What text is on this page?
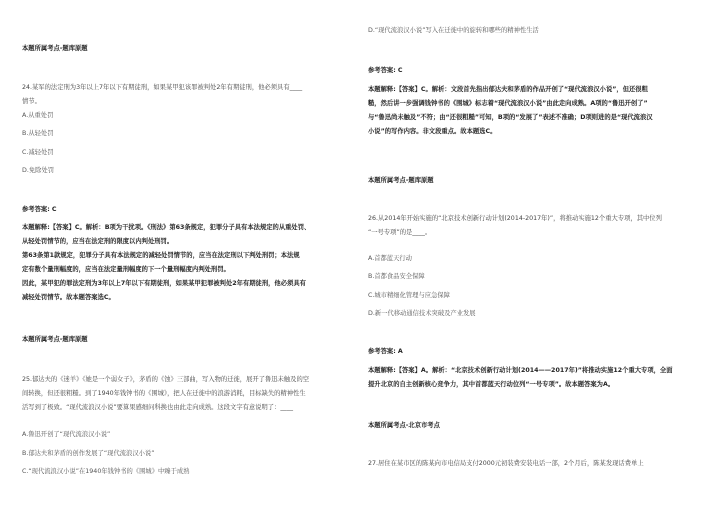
本题所属考点-题库原题
24.某军的法定刑为3年以上7年以下有期徒刑，如果某甲犯该罪被判处2年有期徒刑，他必须具有____
情节。
A.从重处罚
B.从轻处罚
C.减轻处罚
D.免除处罚
参考答案: C
本题解释:【答案】C。解析：B项为干扰项。《刑法》第63条规定，犯罪分子具有本法规定的从重处罚、
从轻处罚情节的，应当在法定刑的限度以内判处刑罚。
第63条第1款规定，犯罪分子具有本法规定的减轻处罚情节的，应当在法定刑以下判处刑罚；本法规
定有数个量刑幅度的，应当在法定量刑幅度的下一个量刑幅度内判处刑罚。
因此，某甲犯的罪法定刑为3年以上7年以下有期徒刑，如果某甲犯罪被判处2年有期徒刑，他必须具有
减轻处罚情节。故本题答案选C。
本题所属考点-题库原题
25.郁达夫的《迷羊》《她是一个弱女子》，茅盾的《蚀》三部曲，写入物的迁徙，展开了鲁迅未触及的空
间转换，但还很粗糙。到了1940年钱钟书的《围城》，把人在迁徙中的浪游消耗，目标缺失的精神性生
活写到了极致。“现代流浪汉小说”要算果感细问科换也由此走向成熟。这段文字有意说明了：____
A.鲁迅开创了“现代流浪汉小说”
B.郁达夫和茅盾的创作发展了“现代流浪汉小说”
C.“现代流浪汉小说”在1940年钱钟书的《围城》中臻于成熟
D.“现代流浪汉小说”写入在迁徙中的旋转和哪些的精神性生活
参考答案: C
本题解释:【答案】C。解析：文段首先指出郁达夫和茅盾的作品开创了“现代流浪汉小说”，但还很粗
糙，然后讲一步强调钱钟书的《围城》标志着“现代流浪汉小说”由此走向成熟。A项的“鲁迅开创了”
与“鲁迅尚未触及”不符；由“还很粗糙”可知，B项的“发展了”表述不准确；D项则进的是“现代流浪汉
小说”的写作内容。非文段重点。故本题选C。
本题所属考点-题库原题
26.从2014年开始实施的“北京技术创新行动计划(2014-2017年)”，将推动实施12个重大专项，其中位列
“一号专项”的是____。
A.首都蓝天行动
B.首都食品安全保障
C.城市精细化管理与应急保障
D.新一代移动通信技术突破及产业发展
参考答案: A
本题解释:【答案】A。解析：“北京技术创新行动计划(2014——2017年)”将推动实施12个重大专项，全面
提升北京的自主创新核心竞争力，其中首都蓝天行动位列“一号专项”。故本题答案为A。
本题所属考点-北京市考点
27.居住在某市区的陈某向市电信局支付2000元初装费安装电话一部，2个月后，陈某发现话费单上
